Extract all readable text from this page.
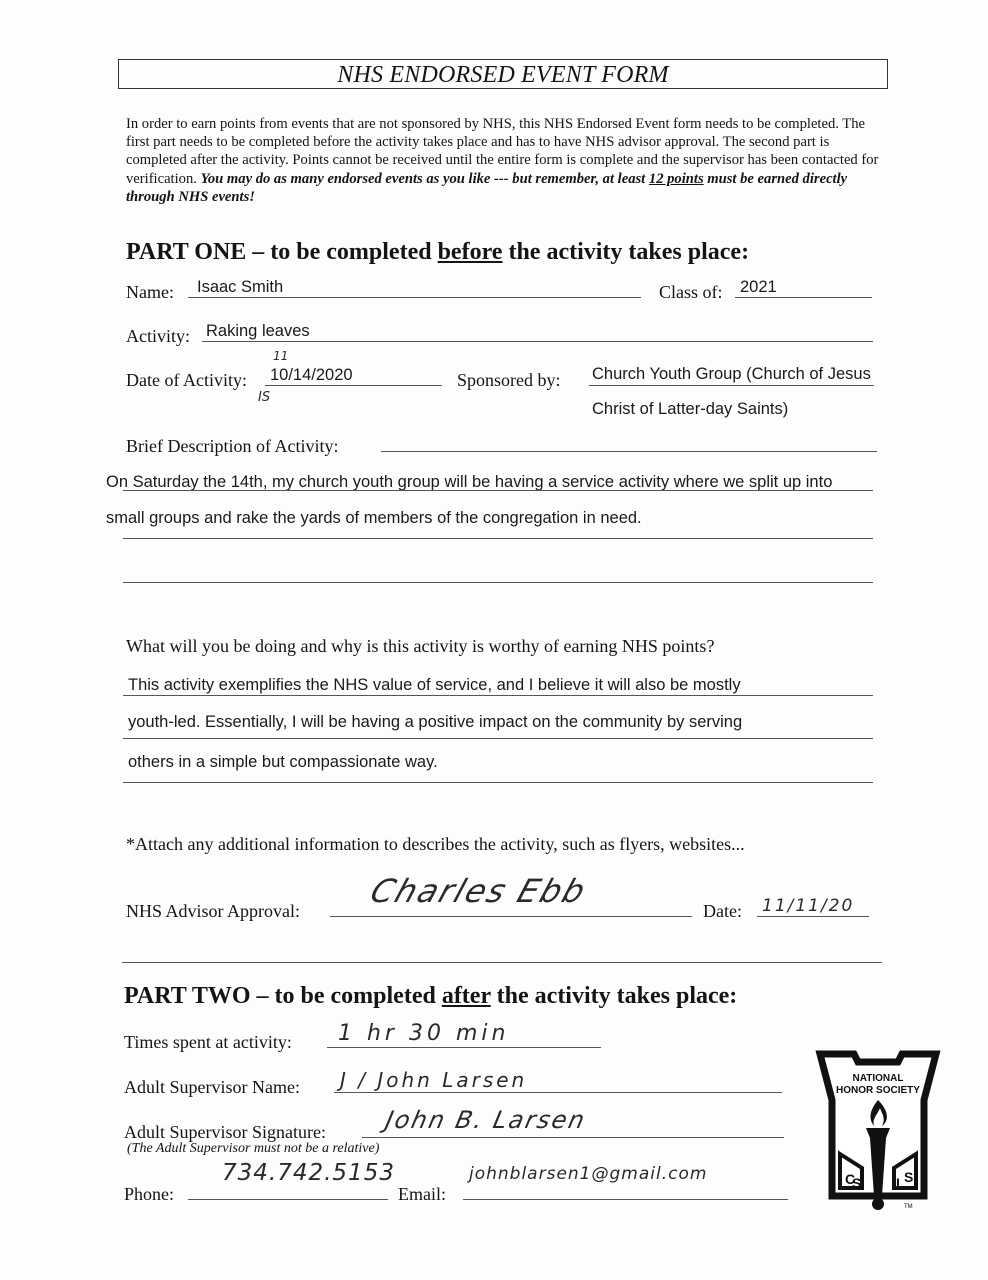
NHS ENDORSED EVENT FORM
In order to earn points from events that are not sponsored by NHS, this NHS Endorsed Event form needs to be completed. The first part needs to be completed before the activity takes place and has to have NHS advisor approval. The second part is completed after the activity. Points cannot be received until the entire form is complete and the supervisor has been contacted for verification. You may do as many endorsed events as you like --- but remember, at least 12 points must be earned directly through NHS events!
PART ONE – to be completed before the activity takes place:
Name: Isaac Smith	Class of: 2021
Activity: Raking leaves
Date of Activity: 10/14/2020
11
IS
Sponsored by: Church Youth Group (Church of Jesus
Christ of Latter-day Saints)
Brief Description of Activity:
On Saturday the 14th, my church youth group will be having a service activity where we split up into
small groups and rake the yards of members of the congregation in need.
What will you be doing and why is this activity is worthy of earning NHS points?
This activity exemplifies the NHS value of service, and I believe it will also be mostly
youth-led. Essentially, I will be having a positive impact on the community by serving
others in a simple but compassionate way.
*Attach any additional information to describes the activity, such as flyers, websites...
NHS Advisor Approval:
Charles Ebb
Date: 11/11/20
PART TWO – to be completed after the activity takes place:
Times spent at activity: 1 hr 30 min
Adult Supervisor Name: J / John Larsen
Adult Supervisor Signature: John B. Larsen
(The Adult Supervisor must not be a relative)
Phone:
734.742.5153
Email:
johnblarsen1@gmail.com
NATIONAL
HONOR SOCIETY
C
S L S
TM
